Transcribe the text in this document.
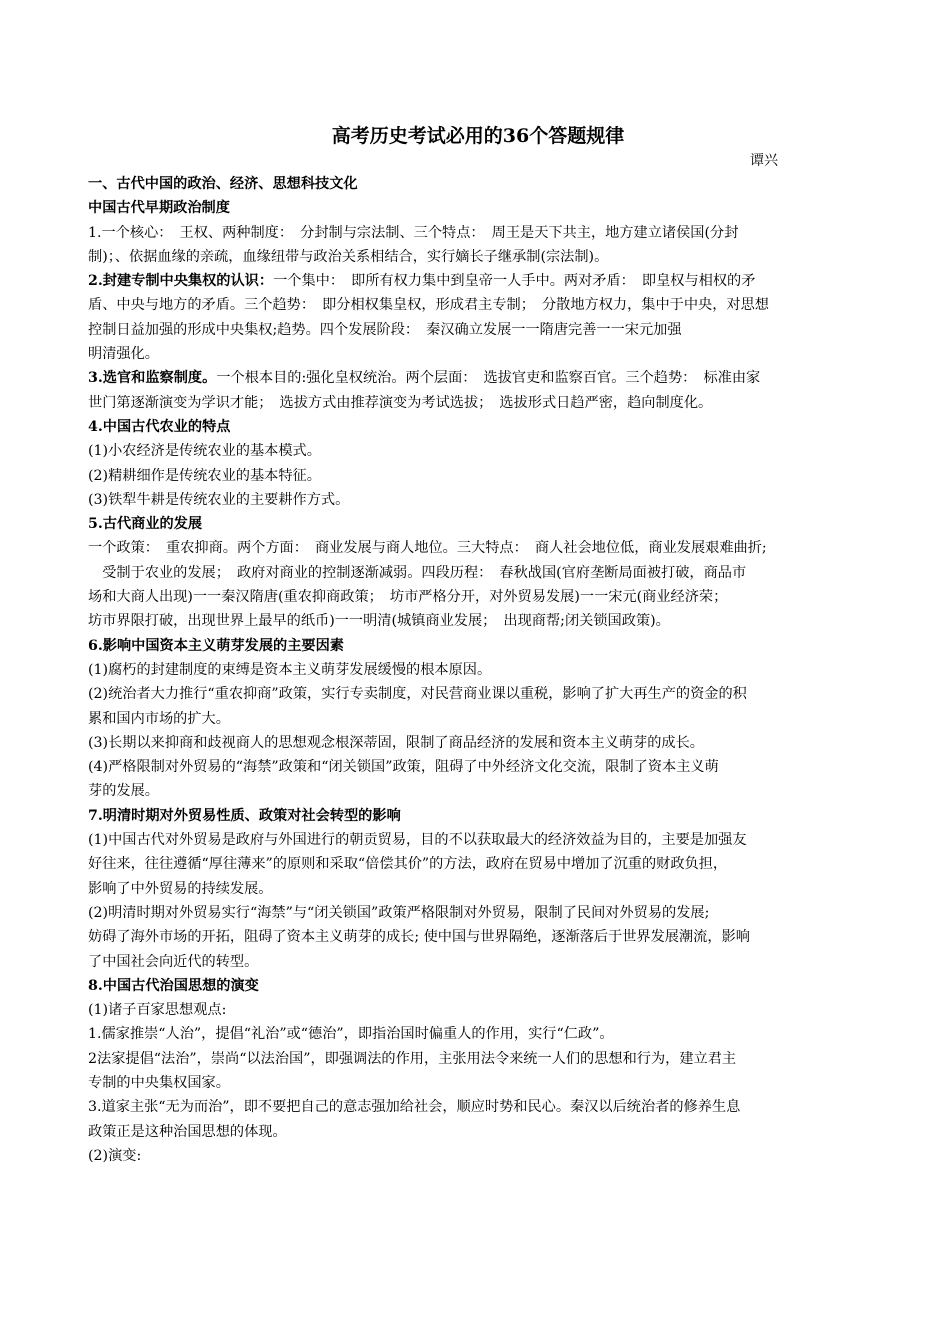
高考历史考试必用的36个答题规律
谭兴
一、古代中国的政治、经济、思想科技文化
中国古代早期政治制度
1.一个核心：　王权、两种制度：　分封制与宗法制、三个特点：　周王是天下共主，地方建立诸侯国(分封
制)；、依据血缘的亲疏，血缘纽带与政治关系相结合，实行嫡长子继承制(宗法制)。
2.封建专制中央集权的认识：一个集中：　即所有权力集中到皇帝一人手中。两对矛盾：　即皇权与相权的矛
盾、中央与地方的矛盾。三个趋势：　即分相权集皇权，形成君主专制；　分散地方权力，集中于中央，对思想
控制日益加强的形成中央集权;趋势。四个发展阶段：　秦汉确立发展一一隋唐完善一一宋元加强
明清强化。
3.选官和监察制度。一个根本目的:强化皇权统治。两个层面：　选拔官吏和监察百官。三个趋势：　标准由家
世门第逐渐演变为学识才能；　选拔方式由推荐演变为考试选拔；　选拔形式日趋严密，趋向制度化。
4.中国古代农业的特点
(1)小农经济是传统农业的基本模式。
(2)精耕细作是传统农业的基本特征。
(3)铁犁牛耕是传统农业的主要耕作方式。
5.古代商业的发展
一个政策：　重农抑商。两个方面：　商业发展与商人地位。三大特点：　商人社会地位低，商业发展艰难曲折;
　受制于农业的发展；　政府对商业的控制逐渐减弱。四段历程：　春秋战国(官府垄断局面被打破，商品市
场和大商人出现)一一秦汉隋唐(重农抑商政策；　坊市严格分开，对外贸易发展)一一宋元(商业经济荣；
坊市界限打破，出现世界上最早的纸币)一一明清(城镇商业发展；　出现商帮;闭关锁国政策)。
6.影响中国资本主义萌芽发展的主要因素
(1)腐朽的封建制度的束缚是资本主义萌芽发展缓慢的根本原因。
(2)统治者大力推行“重农抑商”政策，实行专卖制度，对民营商业课以重税，影响了扩大再生产的资金的积
累和国内市场的扩大。
(3)长期以来抑商和歧视商人的思想观念根深蒂固，限制了商品经济的发展和资本主义萌芽的成长。
(4)严格限制对外贸易的“海禁”政策和“闭关锁国”政策，阻碍了中外经济文化交流，限制了资本主义萌
芽的发展。
7.明清时期对外贸易性质、政策对社会转型的影响
(1)中国古代对外贸易是政府与外国进行的朝贡贸易，目的不以获取最大的经济效益为目的，主要是加强友
好往来，往往遵循“厚往薄来”的原则和采取“倍偿其价”的方法，政府在贸易中增加了沉重的财政负担，
影响了中外贸易的持续发展。
(2)明清时期对外贸易实行“海禁”与“闭关锁国”政策严格限制对外贸易，限制了民间对外贸易的发展;
妨碍了海外市场的开拓，阻碍了资本主义萌芽的成长; 使中国与世界隔绝，逐渐落后于世界发展潮流，影响
了中国社会向近代的转型。
8.中国古代治国思想的演变
(1)诸子百家思想观点:
1.儒家推崇“人治”，提倡“礼治”或“德治”，即指治国时偏重人的作用，实行“仁政”。
2法家提倡“法治”，崇尚“以法治国”，即强调法的作用，主张用法令来统一人们的思想和行为，建立君主
专制的中央集权国家。
3.道家主张“无为而治”，即不要把自己的意志强加给社会，顺应时势和民心。秦汉以后统治者的修养生息
政策正是这种治国思想的体现。
(2)演变:
